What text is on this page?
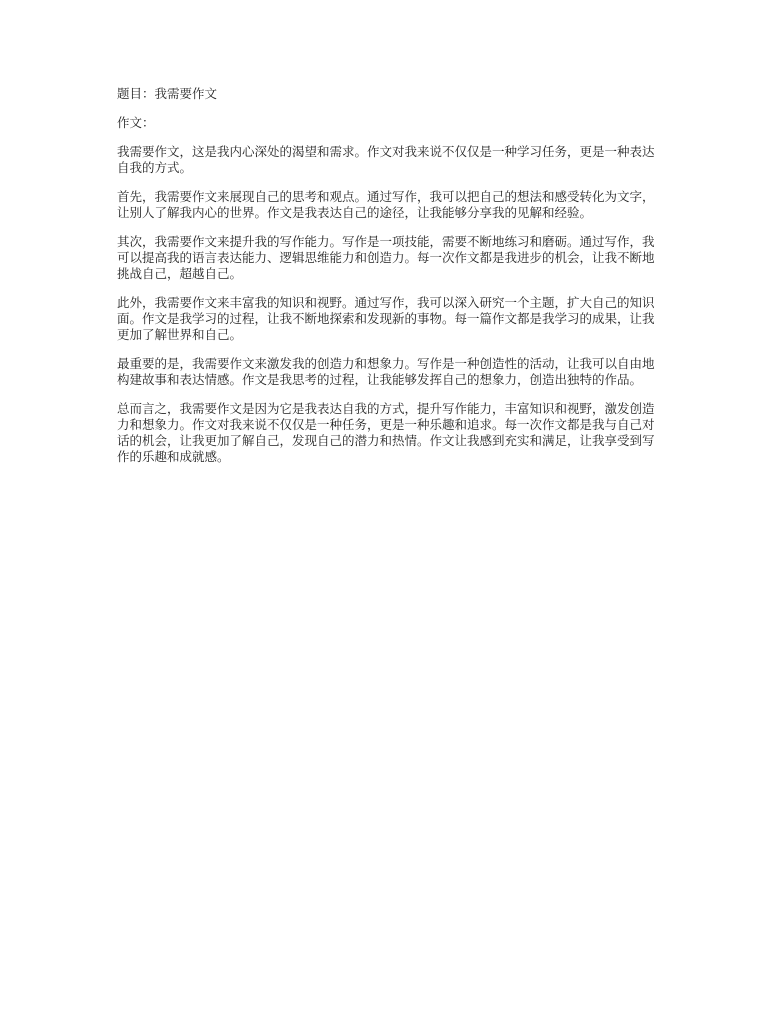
题目：我需要作文
作文：

我需要作文，这是我内心深处的渴望和需求。作文对我来说不仅仅是一种学习任务，更是一种表达自我的方式。

首先，我需要作文来展现自己的思考和观点。通过写作，我可以把自己的想法和感受转化为文字，让别人了解我内心的世界。作文是我表达自己的途径，让我能够分享我的见解和经验。

其次，我需要作文来提升我的写作能力。写作是一项技能，需要不断地练习和磨砺。通过写作，我可以提高我的语言表达能力、逻辑思维能力和创造力。每一次作文都是我进步的机会，让我不断地挑战自己，超越自己。

此外，我需要作文来丰富我的知识和视野。通过写作，我可以深入研究一个主题，扩大自己的知识面。作文是我学习的过程，让我不断地探索和发现新的事物。每一篇作文都是我学习的成果，让我更加了解世界和自己。

最重要的是，我需要作文来激发我的创造力和想象力。写作是一种创造性的活动，让我可以自由地构建故事和表达情感。作文是我思考的过程，让我能够发挥自己的想象力，创造出独特的作品。

总而言之，我需要作文是因为它是我表达自我的方式，提升写作能力，丰富知识和视野，激发创造力和想象力。作文对我来说不仅仅是一种任务，更是一种乐趣和追求。每一次作文都是我与自己对话的机会，让我更加了解自己，发现自己的潜力和热情。作文让我感到充实和满足，让我享受到写作的乐趣和成就感。
